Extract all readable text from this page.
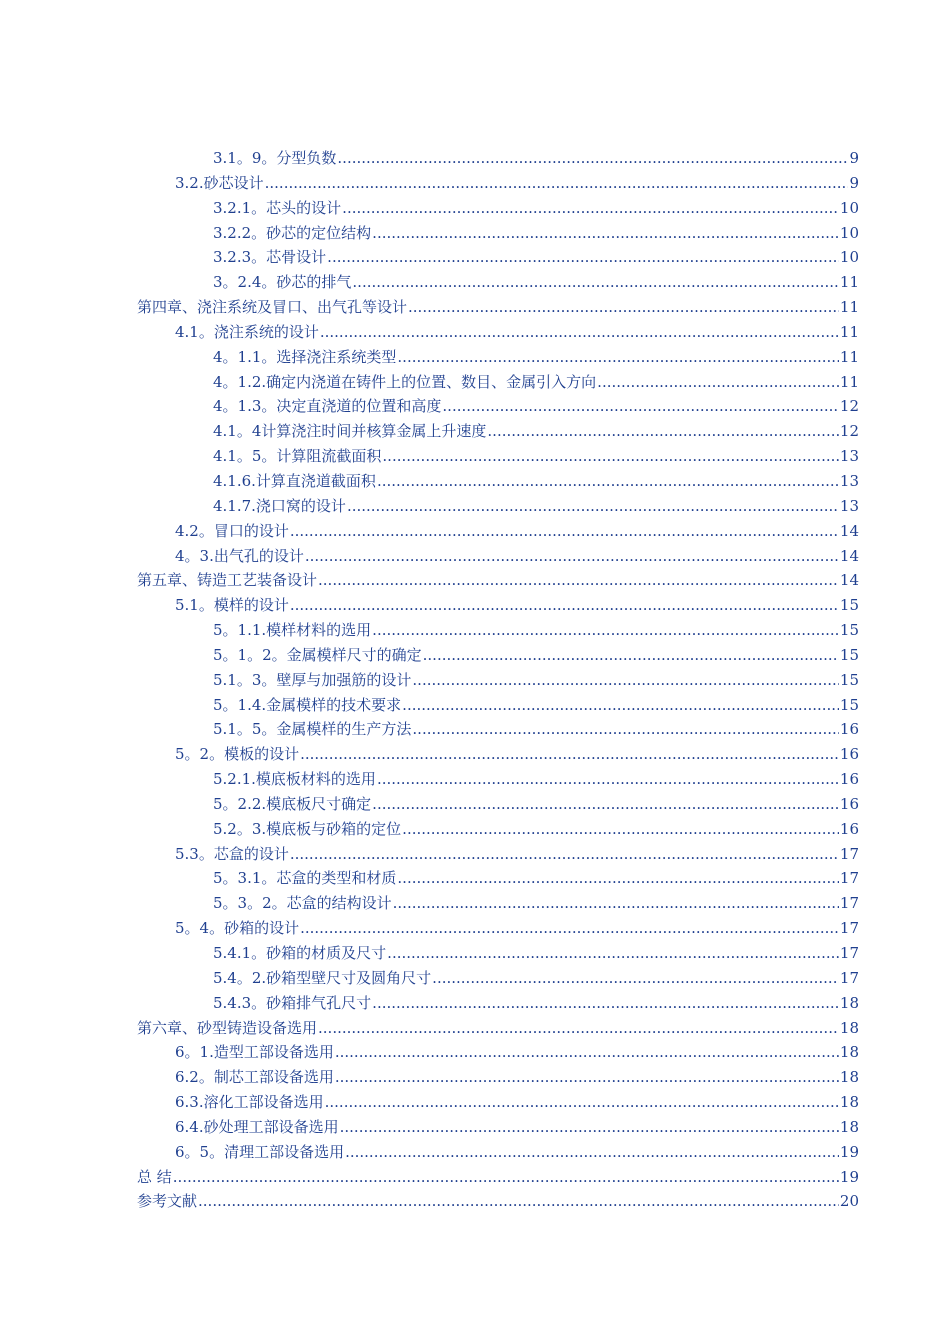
3.1。9。分型负数 .....	9
3.2.砂芯设计 .....	9
3.2.1。芯头的设计 .....	10
3.2.2。砂芯的定位结构 .....	10
3.2.3。芯骨设计 .....	10
3。2.4。砂芯的排气 .....	11
第四章、浇注系统及冒口、出气孔等设计 .....	11
4.1。浇注系统的设计 .....	11
4。1.1。选择浇注系统类型 .....	11
4。1.2.确定内浇道在铸件上的位置、数目、金属引入方向 .....	11
4。1.3。决定直浇道的位置和高度 .....	12
4.1。4计算浇注时间并核算金属上升速度 .....	12
4.1。5。计算阻流截面积 .....	13
4.1.6.计算直浇道截面积 .....	13
4.1.7.浇口窝的设计 .....	13
4.2。冒口的设计 .....	14
4。3.出气孔的设计 .....	14
第五章、铸造工艺装备设计 .....	14
5.1。模样的设计 .....	15
5。1.1.模样材料的选用 .....	15
5。1。2。金属模样尺寸的确定 .....	15
5.1。3。壁厚与加强筋的设计 .....	15
5。1.4.金属模样的技术要求 .....	15
5.1。5。金属模样的生产方法 .....	16
5。2。模板的设计 .....	16
5.2.1.模底板材料的选用 .....	16
5。2.2.模底板尺寸确定 .....	16
5.2。3.模底板与砂箱的定位 .....	16
5.3。芯盒的设计 .....	17
5。3.1。芯盒的类型和材质 .....	17
5。3。2。芯盒的结构设计 .....	17
5。4。砂箱的设计 .....	17
5.4.1。砂箱的材质及尺寸 .....	17
5.4。2.砂箱型壁尺寸及圆角尺寸 .....	17
5.4.3。砂箱排气孔尺寸 .....	18
第六章、砂型铸造设备选用 .....	18
6。1.造型工部设备选用 .....	18
6.2。制芯工部设备选用 .....	18
6.3.溶化工部设备选用 .....	18
6.4.砂处理工部设备选用 .....	18
6。5。清理工部设备选用 .....	19
总 结 .....	19
参考文献 .....	20
